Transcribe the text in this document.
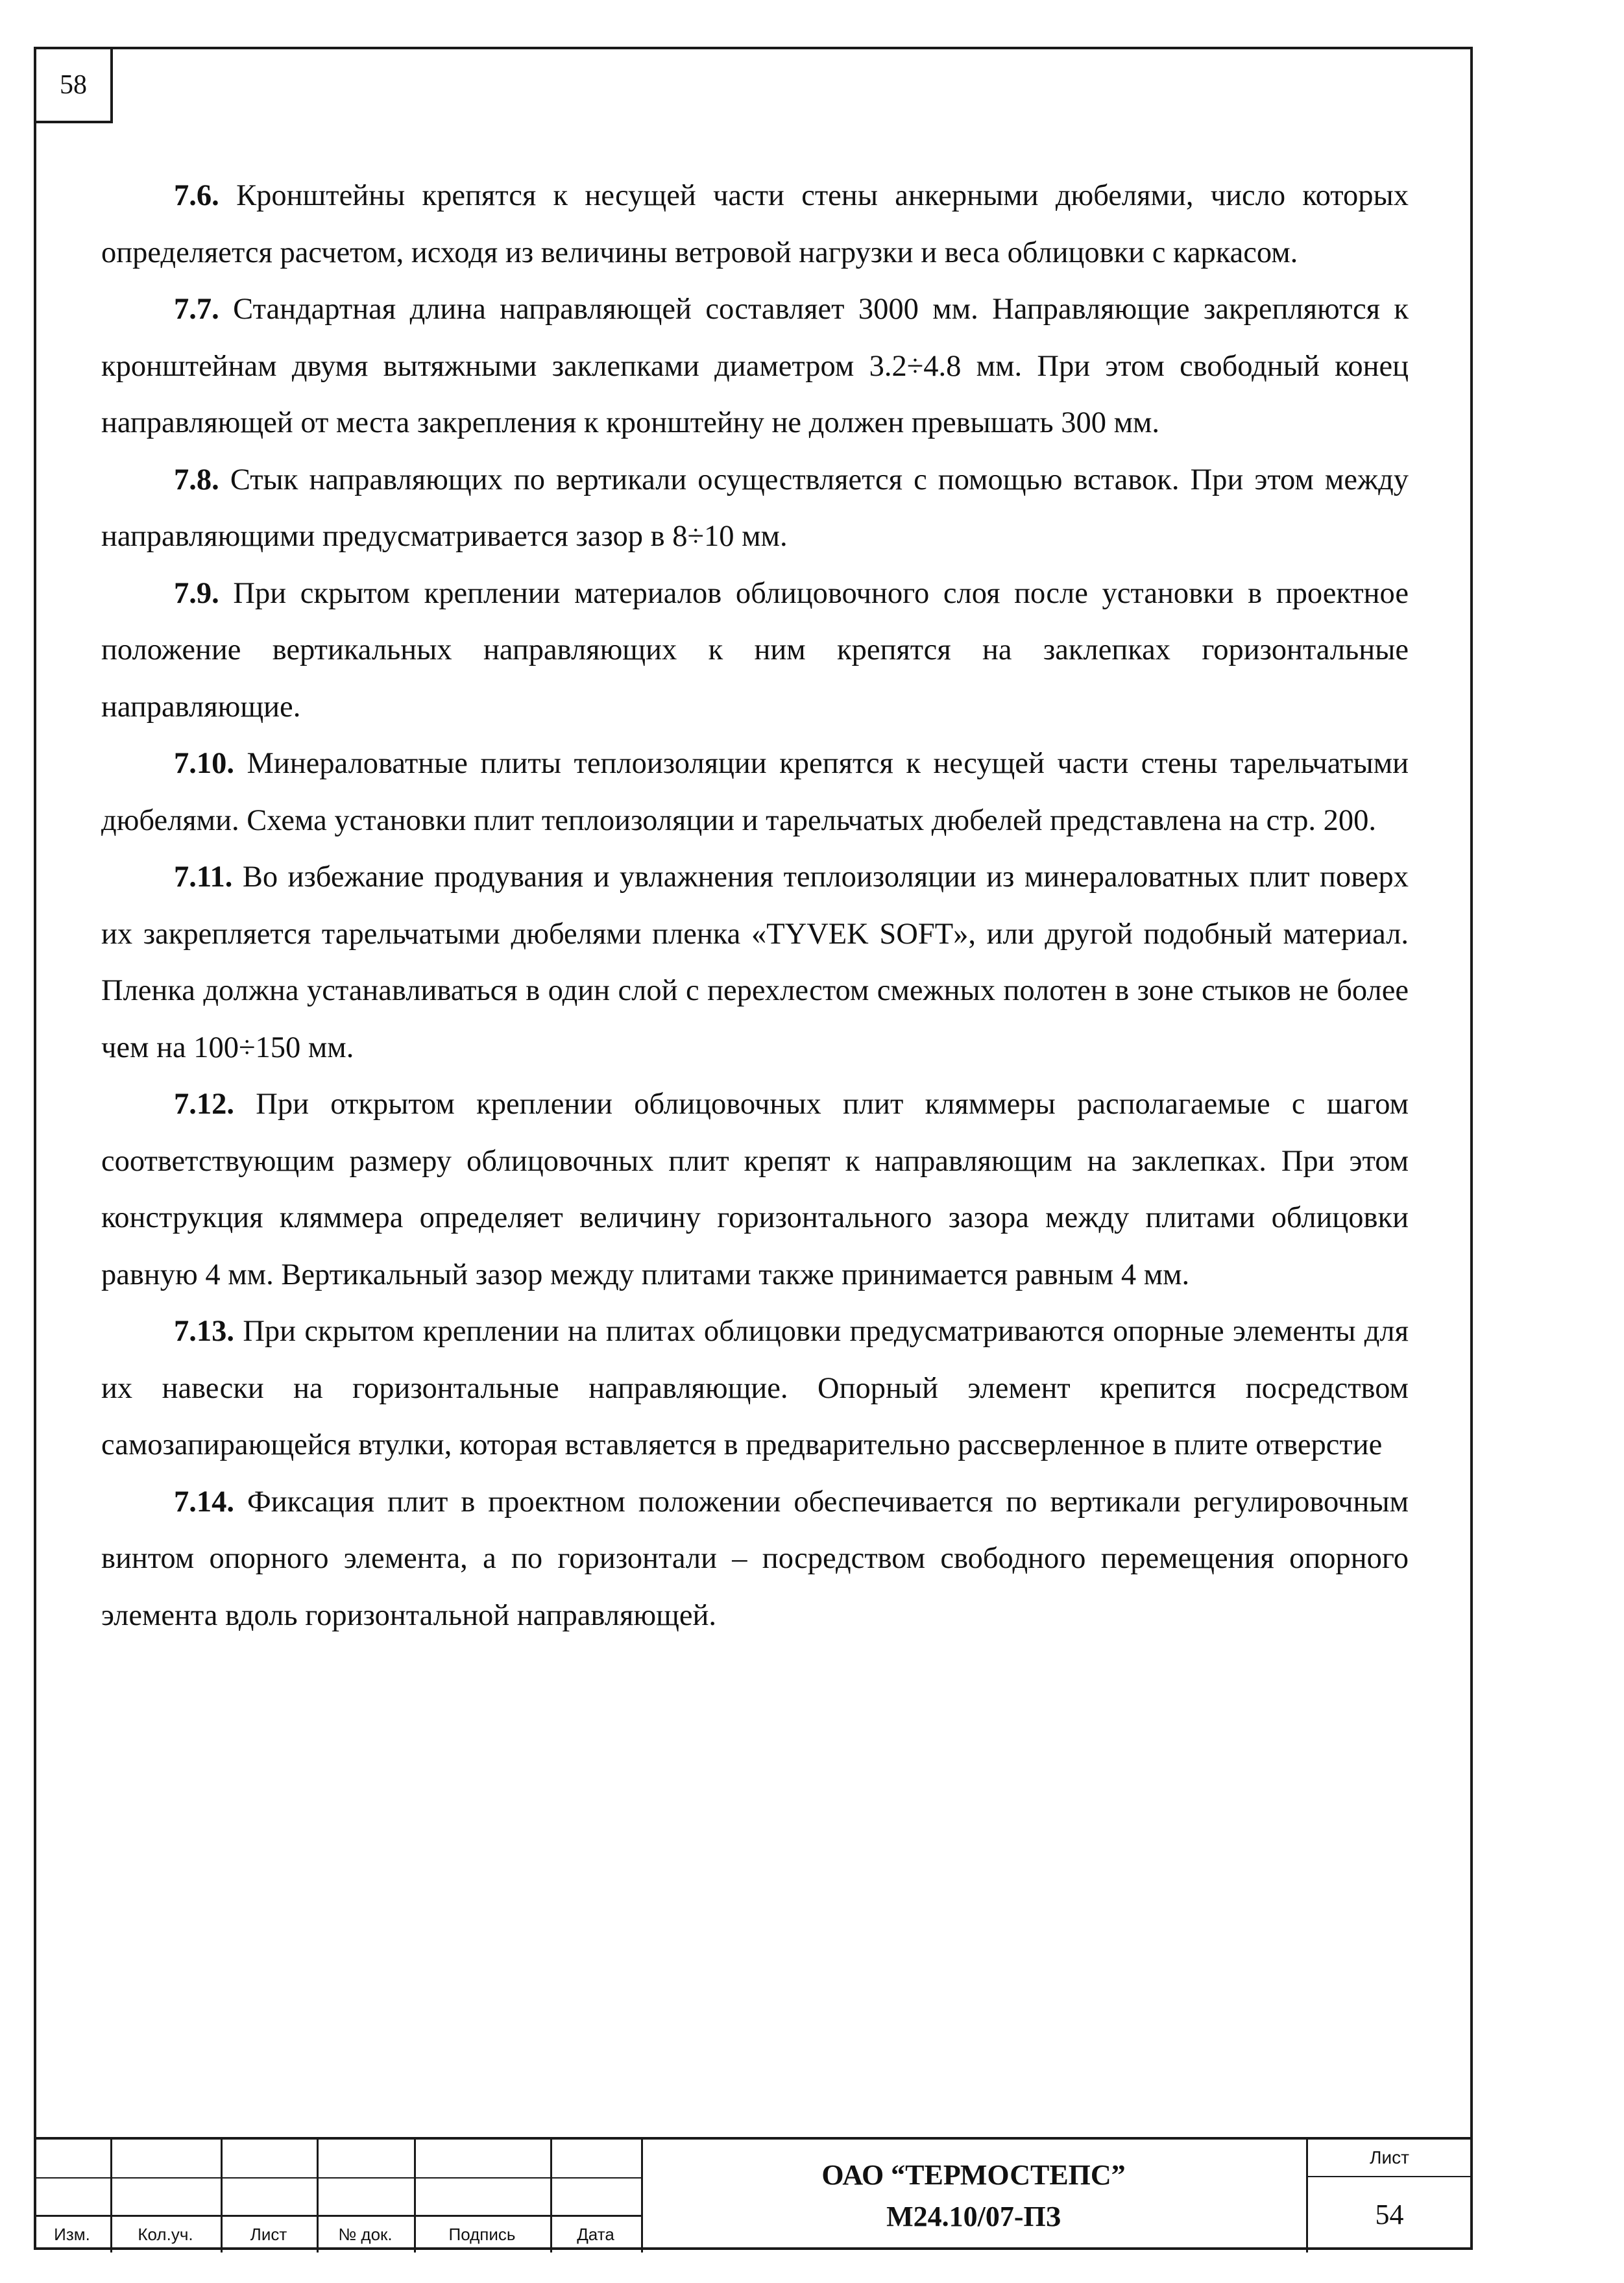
58

7.6. Кронштейны крепятся к несущей части стены анкерными дюбелями, число которых определяется расчетом, исходя из величины ветровой нагрузки и веса облицовки с каркасом.

7.7. Стандартная длина направляющей составляет 3000 мм. Направляющие закрепляются к кронштейнам двумя вытяжными заклепками диаметром 3.2÷4.8 мм. При этом свободный конец направляющей от места закрепления к кронштейну не должен превышать 300 мм.

7.8. Стык направляющих по вертикали осуществляется с помощью вставок. При этом между направляющими предусматривается зазор в 8÷10 мм.

7.9. При скрытом креплении материалов облицовочного слоя после установки в проектное положение вертикальных направляющих к ним крепятся на заклепках горизонтальные направляющие.

7.10. Минераловатные плиты теплоизоляции крепятся к несущей части стены тарельчатыми дюбелями. Схема установки плит теплоизоляции и тарельчатых дюбелей представлена на стр. 200.

7.11. Во избежание продувания и увлажнения теплоизоляции из минераловатных плит поверх их закрепляется тарельчатыми дюбелями пленка «TYVEK SOFT», или другой подобный материал. Пленка должна устанавливаться в один слой с перехлестом смежных полотен в зоне стыков не более чем на 100÷150 мм.

7.12. При открытом креплении облицовочных плит кляммеры располагаемые с шагом соответствующим размеру облицовочных плит крепят к направляющим на заклепках. При этом конструкция кляммера определяет величину горизонтального зазора между плитами облицовки равную 4 мм. Вертикальный зазор между плитами также принимается равным 4 мм.

7.13. При скрытом креплении на плитах облицовки предусматриваются опорные элементы для их навески на горизонтальные направляющие. Опорный элемент крепится посредством самозапирающейся втулки, которая вставляется в предварительно рассверленное в плите отверстие

7.14. Фиксация плит в проектном положении обеспечивается по вертикали регулировочным винтом опорного элемента, а по горизонтали – посредством свободного перемещения опорного элемента вдоль горизонтальной направляющей.

Изм.	Кол.уч.	Лист	№ док.	Подпись	Дата
ОАО “ТЕРМОСТЕПС”
М24.10/07-ПЗ
Лист
54
